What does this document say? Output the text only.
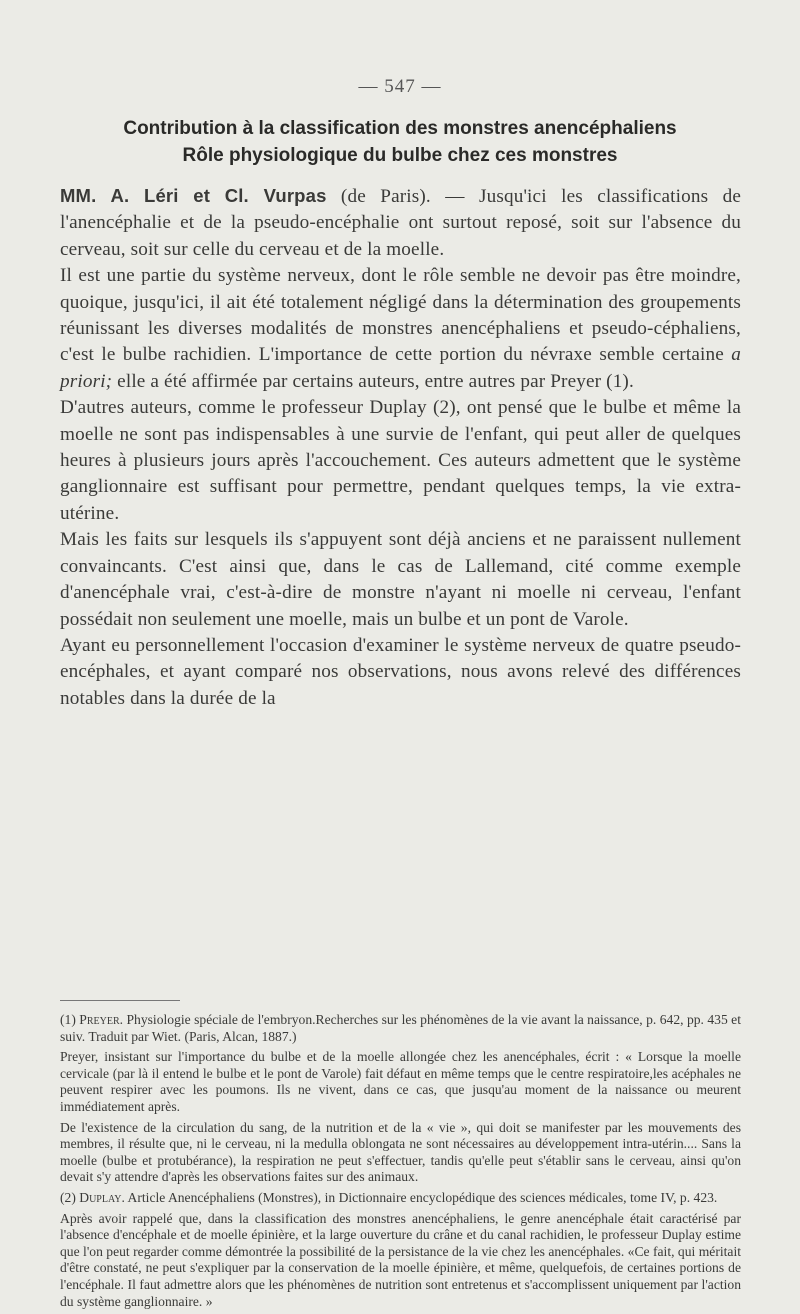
— 547 —
Contribution à la classification des monstres anencéphaliens
Rôle physiologique du bulbe chez ces monstres

MM. A. Léri et Cl. Vurpas (de Paris). — Jusqu'ici les classifications de l'anencéphalie et de la pseudo-encéphalie ont surtout reposé, soit sur l'absence du cerveau, soit sur celle du cerveau et de la moelle.

Il est une partie du système nerveux, dont le rôle semble ne devoir pas être moindre, quoique, jusqu'ici, il ait été totalement négligé dans la détermination des groupements réunissant les diverses modalités de monstres anencéphaliens et pseudo-céphaliens, c'est le bulbe rachidien. L'importance de cette portion du névraxe semble certaine a priori; elle a été affirmée par certains auteurs, entre autres par Preyer (1).

D'autres auteurs, comme le professeur Duplay (2), ont pensé que le bulbe et même la moelle ne sont pas indispensables à une survie de l'enfant, qui peut aller de quelques heures à plusieurs jours après l'accouchement. Ces auteurs admettent que le système ganglionnaire est suffisant pour permettre, pendant quelques temps, la vie extra-utérine.

Mais les faits sur lesquels ils s'appuyent sont déjà anciens et ne paraissent nullement convaincants. C'est ainsi que, dans le cas de Lallemand, cité comme exemple d'anencéphale vrai, c'est-à-dire de monstre n'ayant ni moelle ni cerveau, l'enfant possédait non seulement une moelle, mais un bulbe et un pont de Varole.

Ayant eu personnellement l'occasion d'examiner le système nerveux de quatre pseudo-encéphales, et ayant comparé nos observations, nous avons relevé des différences notables dans la durée de la

(1) Preyer. Physiologie spéciale de l'embryon.Recherches sur les phénomènes de la vie avant la naissance, p. 642, pp. 435 et suiv. Traduit par Wiet. (Paris, Alcan, 1887.)

Preyer, insistant sur l'importance du bulbe et de la moelle allongée chez les anencéphales, écrit : « Lorsque la moelle cervicale (par là il entend le bulbe et le pont de Varole) fait défaut en même temps que le centre respiratoire,les acéphales ne peuvent respirer avec les poumons. Ils ne vivent, dans ce cas, que jusqu'au moment de la naissance ou meurent immédiatement après.

De l'existence de la circulation du sang, de la nutrition et de la « vie », qui doit se manifester par les mouvements des membres, il résulte que, ni le cerveau, ni la medulla oblongata ne sont nécessaires au développement intra-utérin.... Sans la moelle (bulbe et protubérance), la respiration ne peut s'effectuer, tandis qu'elle peut s'établir sans le cerveau, ainsi qu'on devait s'y attendre d'après les observations faites sur des animaux.

(2) Duplay. Article Anencéphaliens (Monstres), in Dictionnaire encyclopédique des sciences médicales, tome IV, p. 423.

Après avoir rappelé que, dans la classification des monstres anencéphaliens, le genre anencéphale était caractérisé par l'absence d'encéphale et de moelle épinière, et la large ouverture du crâne et du canal rachidien, le professeur Duplay estime que l'on peut regarder comme démontrée la possibilité de la persistance de la vie chez les anencéphales. «Ce fait, qui méritait d'être constaté, ne peut s'expliquer par la conservation de la moelle épinière, et même, quelquefois, de certaines portions de l'encéphale. Il faut admettre alors que les phénomènes de nutrition sont entretenus et s'accomplissent uniquement par l'action du système ganglionnaire. »
